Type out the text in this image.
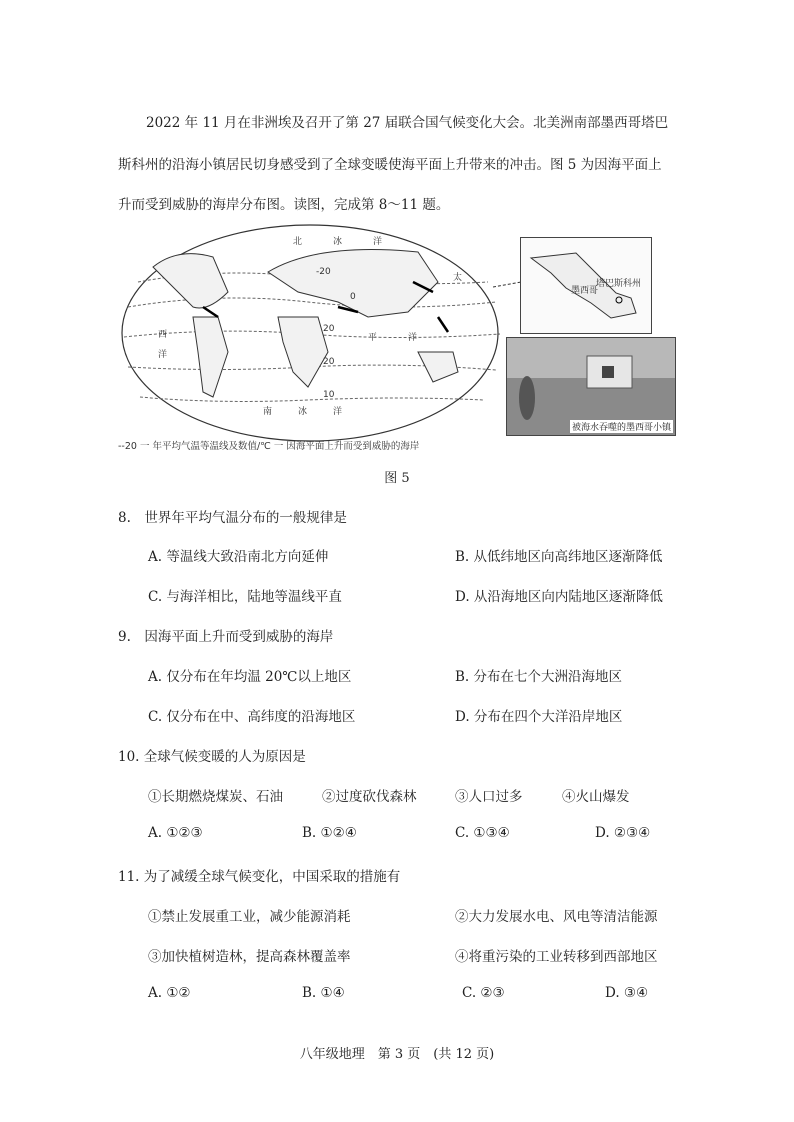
2022 年 11 月在非洲埃及召开了第 27 届联合国气候变化大会。北美洲南部墨西哥塔巴
斯科州的沿海小镇居民切身感受到了全球变暖使海平面上升带来的冲击。图 5 为因海平面上
升而受到威胁的海岸分布图。读图，完成第 8～11 题。
北	冰	洋
太
平	洋
南	冰	洋
西
洋
-20
0
20
20
10
--20 一 年平均气温等温线及数值/℃ 一 因海平面上升而受到威胁的海岸
墨西哥
塔巴斯科州
被海水吞噬的墨西哥小镇
图 5
8.　世界年平均气温分布的一般规律是
A. 等温线大致沿南北方向延伸	B. 从低纬地区向高纬地区逐渐降低
C. 与海洋相比，陆地等温线平直	D. 从沿海地区向内陆地区逐渐降低
9.　因海平面上升而受到威胁的海岸
A. 仅分布在年均温 20℃以上地区	B. 分布在七个大洲沿海地区
C. 仅分布在中、高纬度的沿海地区	D. 分布在四个大洋沿岸地区
10. 全球气候变暖的人为原因是
①长期燃烧煤炭、石油	②过度砍伐森林	③人口过多	④火山爆发
A. ①②③	B. ①②④	C. ①③④	D. ②③④
11. 为了减缓全球气候变化，中国采取的措施有
①禁止发展重工业，减少能源消耗	②大力发展水电、风电等清洁能源
③加快植树造林，提高森林覆盖率	④将重污染的工业转移到西部地区
A. ①②	B. ①④	C. ②③	D. ③④
八年级地理　第 3 页　(共 12 页)
